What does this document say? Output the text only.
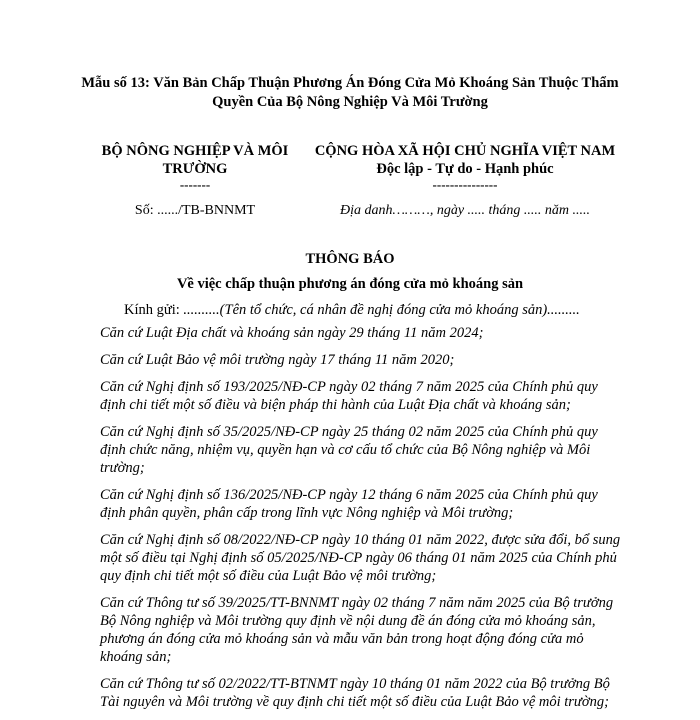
Mẫu số 13: Văn Bản Chấp Thuận Phương Án Đóng Cửa Mỏ Khoáng Sản Thuộc Thẩm Quyền Của Bộ Nông Nghiệp Và Môi Trường
BỘ NÔNG NGHIỆP VÀ MÔI TRƯỜNG
-------
CỘNG HÒA XÃ HỘI CHỦ NGHĨA VIỆT NAM
Độc lập - Tự do - Hạnh phúc
---------------
Số: ....../TB-BNNMT	Địa danh………, ngày ..... tháng ..... năm .....
THÔNG BÁO
Về việc chấp thuận phương án đóng cửa mỏ khoáng sản
Kính gửi: ..........(Tên tổ chức, cá nhân đề nghị đóng cửa mỏ khoáng sản).........

Căn cứ Luật Địa chất và khoáng sản ngày 29 tháng 11 năm 2024;

Căn cứ Luật Bảo vệ môi trường ngày 17 tháng 11 năm 2020;

Căn cứ Nghị định số 193/2025/NĐ-CP ngày 02 tháng 7 năm 2025 của Chính phủ quy định chi tiết một số điều và biện pháp thi hành của Luật Địa chất và khoáng sản;

Căn cứ Nghị định số 35/2025/NĐ-CP ngày 25 tháng 02 năm 2025 của Chính phủ quy định chức năng, nhiệm vụ, quyền hạn và cơ cấu tổ chức của Bộ Nông nghiệp và Môi trường;

Căn cứ Nghị định số 136/2025/NĐ-CP ngày 12 tháng 6 năm 2025 của Chính phủ quy định phân quyền, phân cấp trong lĩnh vực Nông nghiệp và Môi trường;

Căn cứ Nghị định số 08/2022/NĐ-CP ngày 10 tháng 01 năm 2022, được sửa đổi, bổ sung một số điều tại Nghị định số 05/2025/NĐ-CP ngày 06 tháng 01 năm 2025 của Chính phủ quy định chi tiết một số điều của Luật Bảo vệ môi trường;

Căn cứ Thông tư số 39/2025/TT-BNNMT ngày 02 tháng 7 năm năm 2025 của Bộ trưởng Bộ Nông nghiệp và Môi trường quy định về nội dung đề án đóng cửa mỏ khoáng sản, phương án đóng cửa mỏ khoáng sản và mẫu văn bản trong hoạt động đóng cửa mỏ khoáng sản;

Căn cứ Thông tư số 02/2022/TT-BTNMT ngày 10 tháng 01 năm 2022 của Bộ trưởng Bộ Tài nguyên và Môi trường về quy định chi tiết một số điều của Luật Bảo vệ môi trường;
